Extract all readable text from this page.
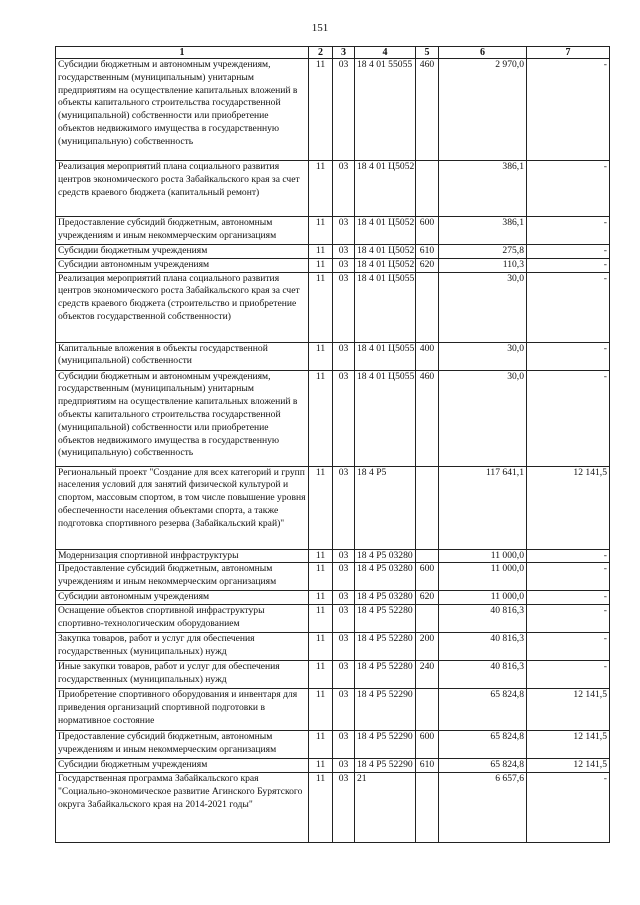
151
1	2	3	4	5	6	7
Субсидии бюджетным и автономным учреждениям, государственным (муниципальным) унитарным предприятиям на осуществление капитальных вложений в объекты капитального строительства государственной (муниципальной) собственности или приобретение объектов недвижимого имущества в государственную (муниципальную) собственность	11	03	18 4 01 55055	460	2 970,0	-
Реализация мероприятий плана социального развития центров экономического роста Забайкальского края за счет средств краевого бюджета (капитальный ремонт)	11	03	18 4 01 Ц5052		386,1	-
Предоставление субсидий бюджетным, автономным учреждениям и иным некоммерческим организациям	11	03	18 4 01 Ц5052	600	386,1	-
Субсидии бюджетным учреждениям	11	03	18 4 01 Ц5052	610	275,8	-
Субсидии автономным учреждениям	11	03	18 4 01 Ц5052	620	110,3	-
Реализация мероприятий плана социального развития центров экономического роста Забайкальского края за счет средств краевого бюджета (строительство и приобретение объектов государственной собственности)	11	03	18 4 01 Ц5055		30,0	-
Капитальные вложения в объекты государственной (муниципальной) собственности	11	03	18 4 01 Ц5055	400	30,0	-
Субсидии бюджетным и автономным учреждениям, государственным (муниципальным) унитарным предприятиям на осуществление капитальных вложений в объекты капитального строительства государственной (муниципальной) собственности или приобретение объектов недвижимого имущества в государственную (муниципальную) собственность	11	03	18 4 01 Ц5055	460	30,0	-
Региональный проект "Создание для всех категорий и групп населения условий для занятий физической культурой и спортом, массовым спортом, в том числе повышение уровня обеспеченности населения объектами спорта, а также подготовка спортивного резерва (Забайкальский край)"	11	03	18 4 P5		117 641,1	12 141,5
Модернизация спортивной инфраструктуры	11	03	18 4 P5 03280		11 000,0	-
Предоставление субсидий бюджетным, автономным учреждениям и иным некоммерческим организациям	11	03	18 4 P5 03280	600	11 000,0	-
Субсидии автономным учреждениям	11	03	18 4 P5 03280	620	11 000,0	-
Оснащение объектов спортивной инфраструктуры спортивно-технологическим оборудованием	11	03	18 4 P5 52280		40 816,3	-
Закупка товаров, работ и услуг для обеспечения государственных (муниципальных) нужд	11	03	18 4 P5 52280	200	40 816,3	-
Иные закупки товаров, работ и услуг для обеспечения государственных (муниципальных) нужд	11	03	18 4 P5 52280	240	40 816,3	-
Приобретение спортивного оборудования и инвентаря для приведения организаций спортивной подготовки в нормативное состояние	11	03	18 4 P5 52290		65 824,8	12 141,5
Предоставление субсидий бюджетным, автономным учреждениям и иным некоммерческим организациям	11	03	18 4 P5 52290	600	65 824,8	12 141,5
Субсидии бюджетным учреждениям	11	03	18 4 P5 52290	610	65 824,8	12 141,5
Государственная программа Забайкальского края "Социально-экономическое развитие Агинского Бурятского округа Забайкальского края на 2014-2021 годы"	11	03	21		6 657,6	-
